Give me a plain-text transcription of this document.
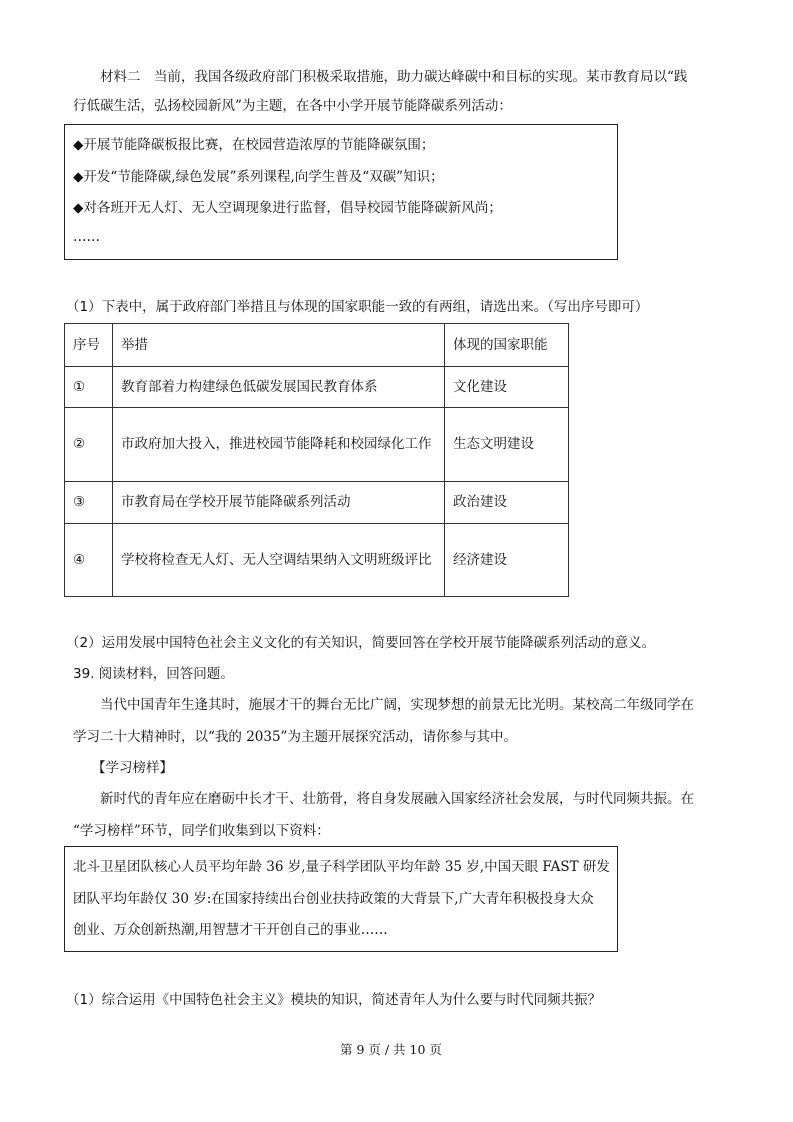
材料二　当前，我国各级政府部门积极采取措施，助力碳达峰碳中和目标的实现。某市教育局以“践
行低碳生活，弘扬校园新风”为主题，在各中小学开展节能降碳系列活动：
◆开展节能降碳板报比赛，在校园营造浓厚的节能降碳氛围；
◆开发“节能降碳,绿色发展”系列课程,向学生普及“双碳”知识；
◆对各班开无人灯、无人空调现象进行监督，倡导校园节能降碳新风尚；
……
（1）下表中，属于政府部门举措且与体现的国家职能一致的有两组，请选出来。（写出序号即可）
序号	举措	体现的国家职能
①	教育部着力构建绿色低碳发展国民教育体系	文化建设
②	市政府加大投入，推进校园节能降耗和校园绿化工作	生态文明建设
③	市教育局在学校开展节能降碳系列活动	政治建设
④	学校将检查无人灯、无人空调结果纳入文明班级评比	经济建设
（2）运用发展中国特色社会主义文化的有关知识，简要回答在学校开展节能降碳系列活动的意义。
39. 阅读材料，回答问题。
当代中国青年生逢其时，施展才干的舞台无比广阔，实现梦想的前景无比光明。某校高二年级同学在
学习二十大精神时，以“我的 2035”为主题开展探究活动，请你参与其中。
【学习榜样】
新时代的青年应在磨砺中长才干、壮筋骨，将自身发展融入国家经济社会发展，与时代同频共振。在
“学习榜样”环节，同学们收集到以下资料：
北斗卫星团队核心人员平均年龄 36 岁,量子科学团队平均年龄 35 岁,中国天眼 FAST 研发
团队平均年龄仅 30 岁:在国家持续出台创业扶持政策的大背景下,广大青年积极投身大众
创业、万众创新热潮,用智慧才干开创自己的事业……
（1）综合运用《中国特色社会主义》模块的知识，简述青年人为什么要与时代同频共振？
第 9 页 / 共 10 页
